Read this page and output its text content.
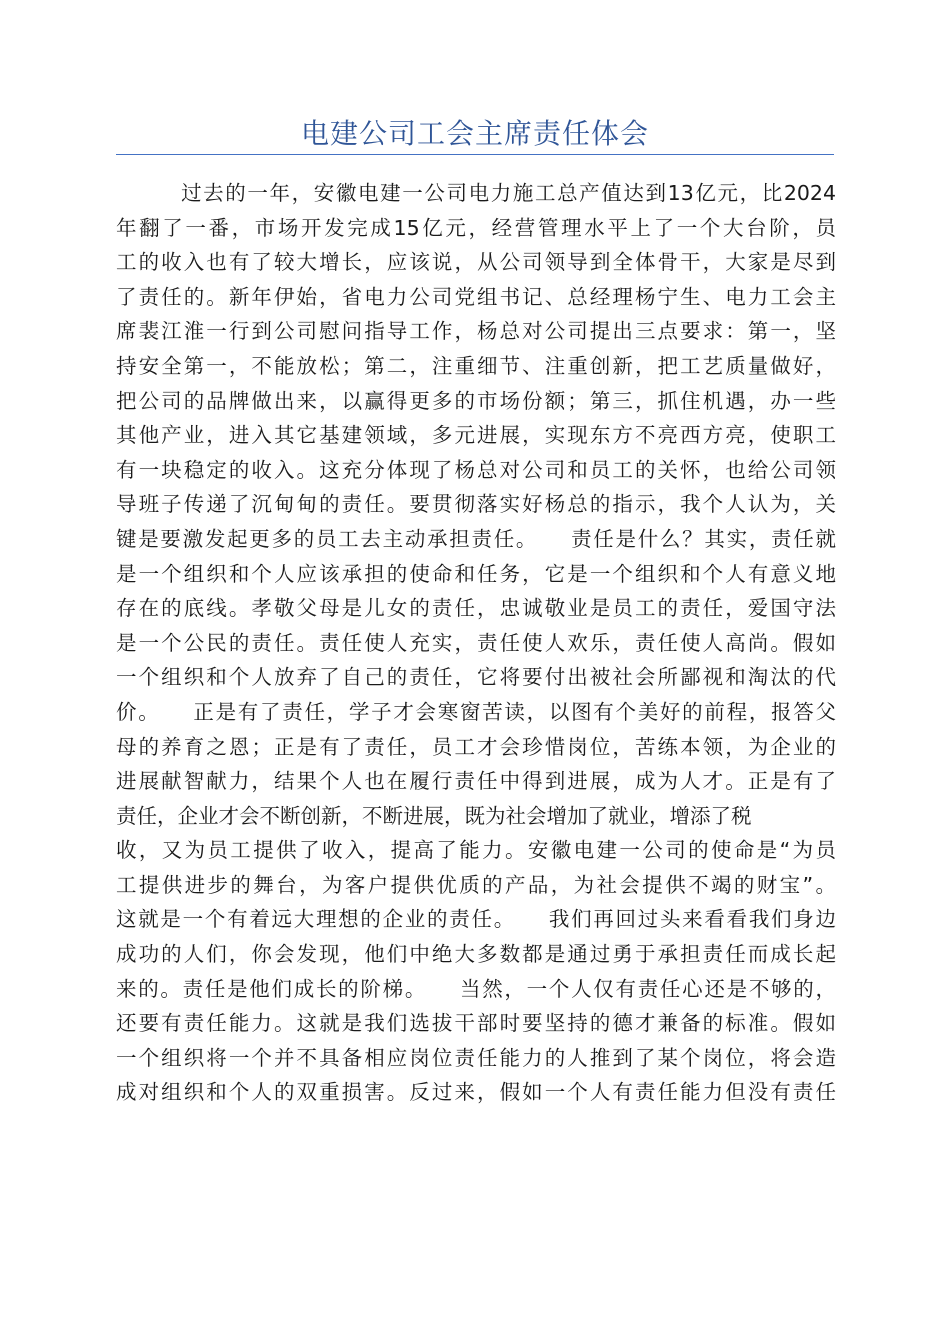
电建公司工会主席责任体会
过去的一年，安徽电建一公司电力施工总产值达到13亿元，比2024
年翻了一番，市场开发完成15亿元，经营管理水平上了一个大台阶，员
工的收入也有了较大增长，应该说，从公司领导到全体骨干，大家是尽到
了责任的。新年伊始，省电力公司党组书记、总经理杨宁生、电力工会主
席裴江淮一行到公司慰问指导工作，杨总对公司提出三点要求：第一，坚
持安全第一，不能放松；第二，注重细节、注重创新，把工艺质量做好，
把公司的品牌做出来，以赢得更多的市场份额；第三，抓住机遇，办一些
其他产业，进入其它基建领域，多元进展，实现东方不亮西方亮，使职工
有一块稳定的收入。这充分体现了杨总对公司和员工的关怀，也给公司领
导班子传递了沉甸甸的责任。要贯彻落实好杨总的指示，我个人认为，关
键是要激发起更多的员工去主动承担责任。    责任是什么？其实，责任就
是一个组织和个人应该承担的使命和任务，它是一个组织和个人有意义地
存在的底线。孝敬父母是儿女的责任，忠诚敬业是员工的责任，爱国守法
是一个公民的责任。责任使人充实，责任使人欢乐，责任使人高尚。假如
一个组织和个人放弃了自己的责任，它将要付出被社会所鄙视和淘汰的代
价。    正是有了责任，学子才会寒窗苦读，以图有个美好的前程，报答父
母的养育之恩；正是有了责任，员工才会珍惜岗位，苦练本领，为企业的
进展献智献力，结果个人也在履行责任中得到进展，成为人才。正是有了
责任，企业才会不断创新，不断进展，既为社会增加了就业，增添了税
收，又为员工提供了收入，提高了能力。安徽电建一公司的使命是“为员
工提供进步的舞台，为客户提供优质的产品，为社会提供不竭的财宝”。
这就是一个有着远大理想的企业的责任。    我们再回过头来看看我们身边
成功的人们，你会发现，他们中绝大多数都是通过勇于承担责任而成长起
来的。责任是他们成长的阶梯。    当然，一个人仅有责任心还是不够的，
还要有责任能力。这就是我们选拔干部时要坚持的德才兼备的标准。假如
一个组织将一个并不具备相应岗位责任能力的人推到了某个岗位，将会造
成对组织和个人的双重损害。反过来，假如一个人有责任能力但没有责任
